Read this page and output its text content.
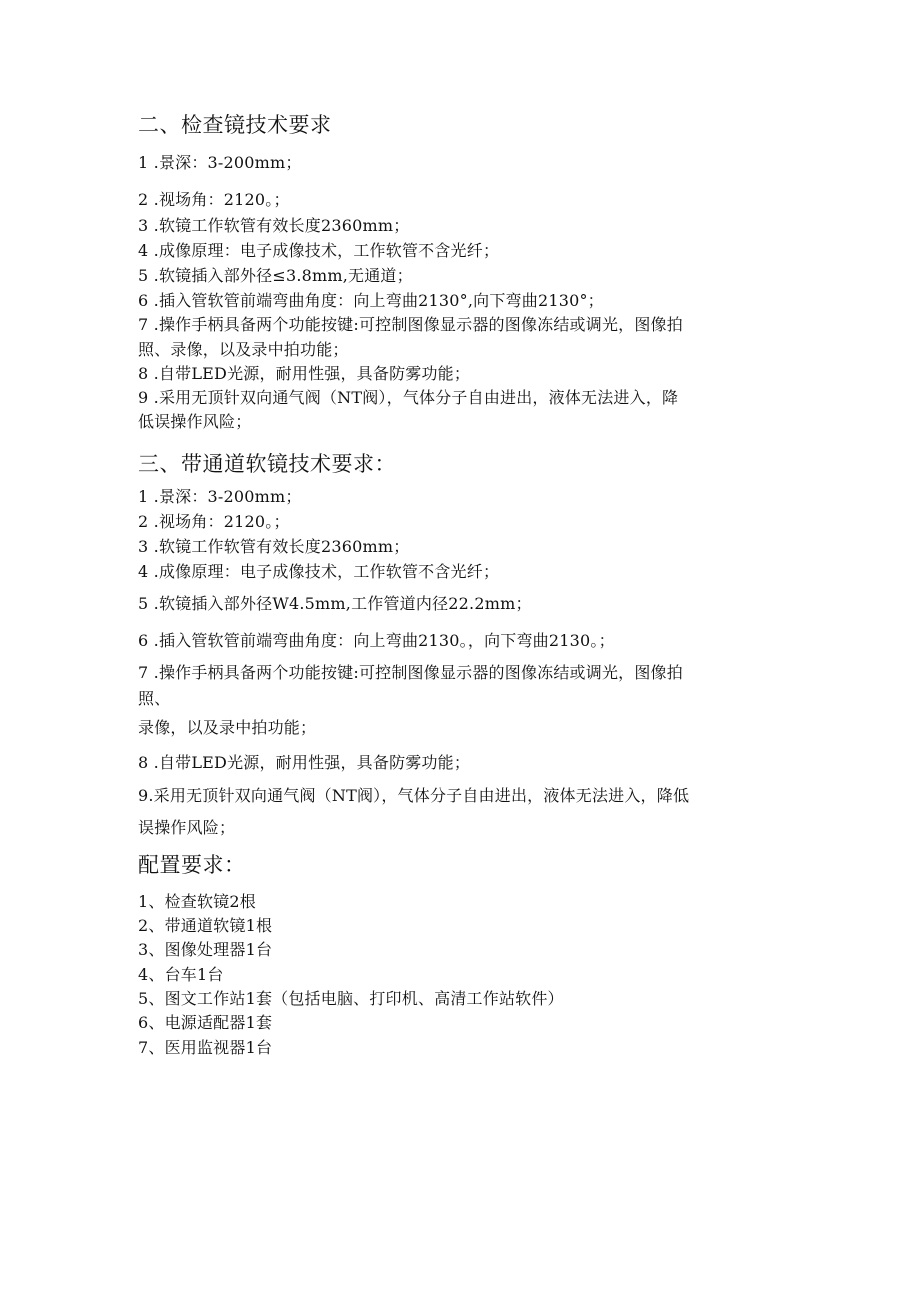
二、检查镜技术要求
1 .景深：3-200mm；
2 .视场角：2120。；
3 .软镜工作软管有效长度2360mm；
4 .成像原理：电子成像技术，工作软管不含光纤；
5 .软镜插入部外径≤3.8mm,无通道；
6 .插入管软管前端弯曲角度：向上弯曲2130°,向下弯曲2130°；
7 .操作手柄具备两个功能按键:可控制图像显示器的图像冻结或调光，图像拍
照、录像，以及录中拍功能；
8 .自带LED光源，耐用性强，具备防雾功能；
9 .采用无顶针双向通气阀（NT阀），气体分子自由进出，液体无法进入，降
低误操作风险；
三、带通道软镜技术要求：
1 .景深：3-200mm；
2 .视场角：2120。；
3 .软镜工作软管有效长度2360mm；
4 .成像原理：电子成像技术，工作软管不含光纤；
5 .软镜插入部外径W4.5mm,工作管道内径22.2mm；
6 .插入管软管前端弯曲角度：向上弯曲2130。，向下弯曲2130。；
7 .操作手柄具备两个功能按键:可控制图像显示器的图像冻结或调光，图像拍
照、
录像，以及录中拍功能；
8 .自带LED光源，耐用性强，具备防雾功能；
9.采用无顶针双向通气阀（NT阀），气体分子自由进出，液体无法进入，降低
误操作风险；
配置要求：
1、检查软镜2根
2、带通道软镜1根
3、图像处理器1台
4、台车1台
5、图文工作站1套（包括电脑、打印机、高清工作站软件）
6、电源适配器1套
7、医用监视器1台
